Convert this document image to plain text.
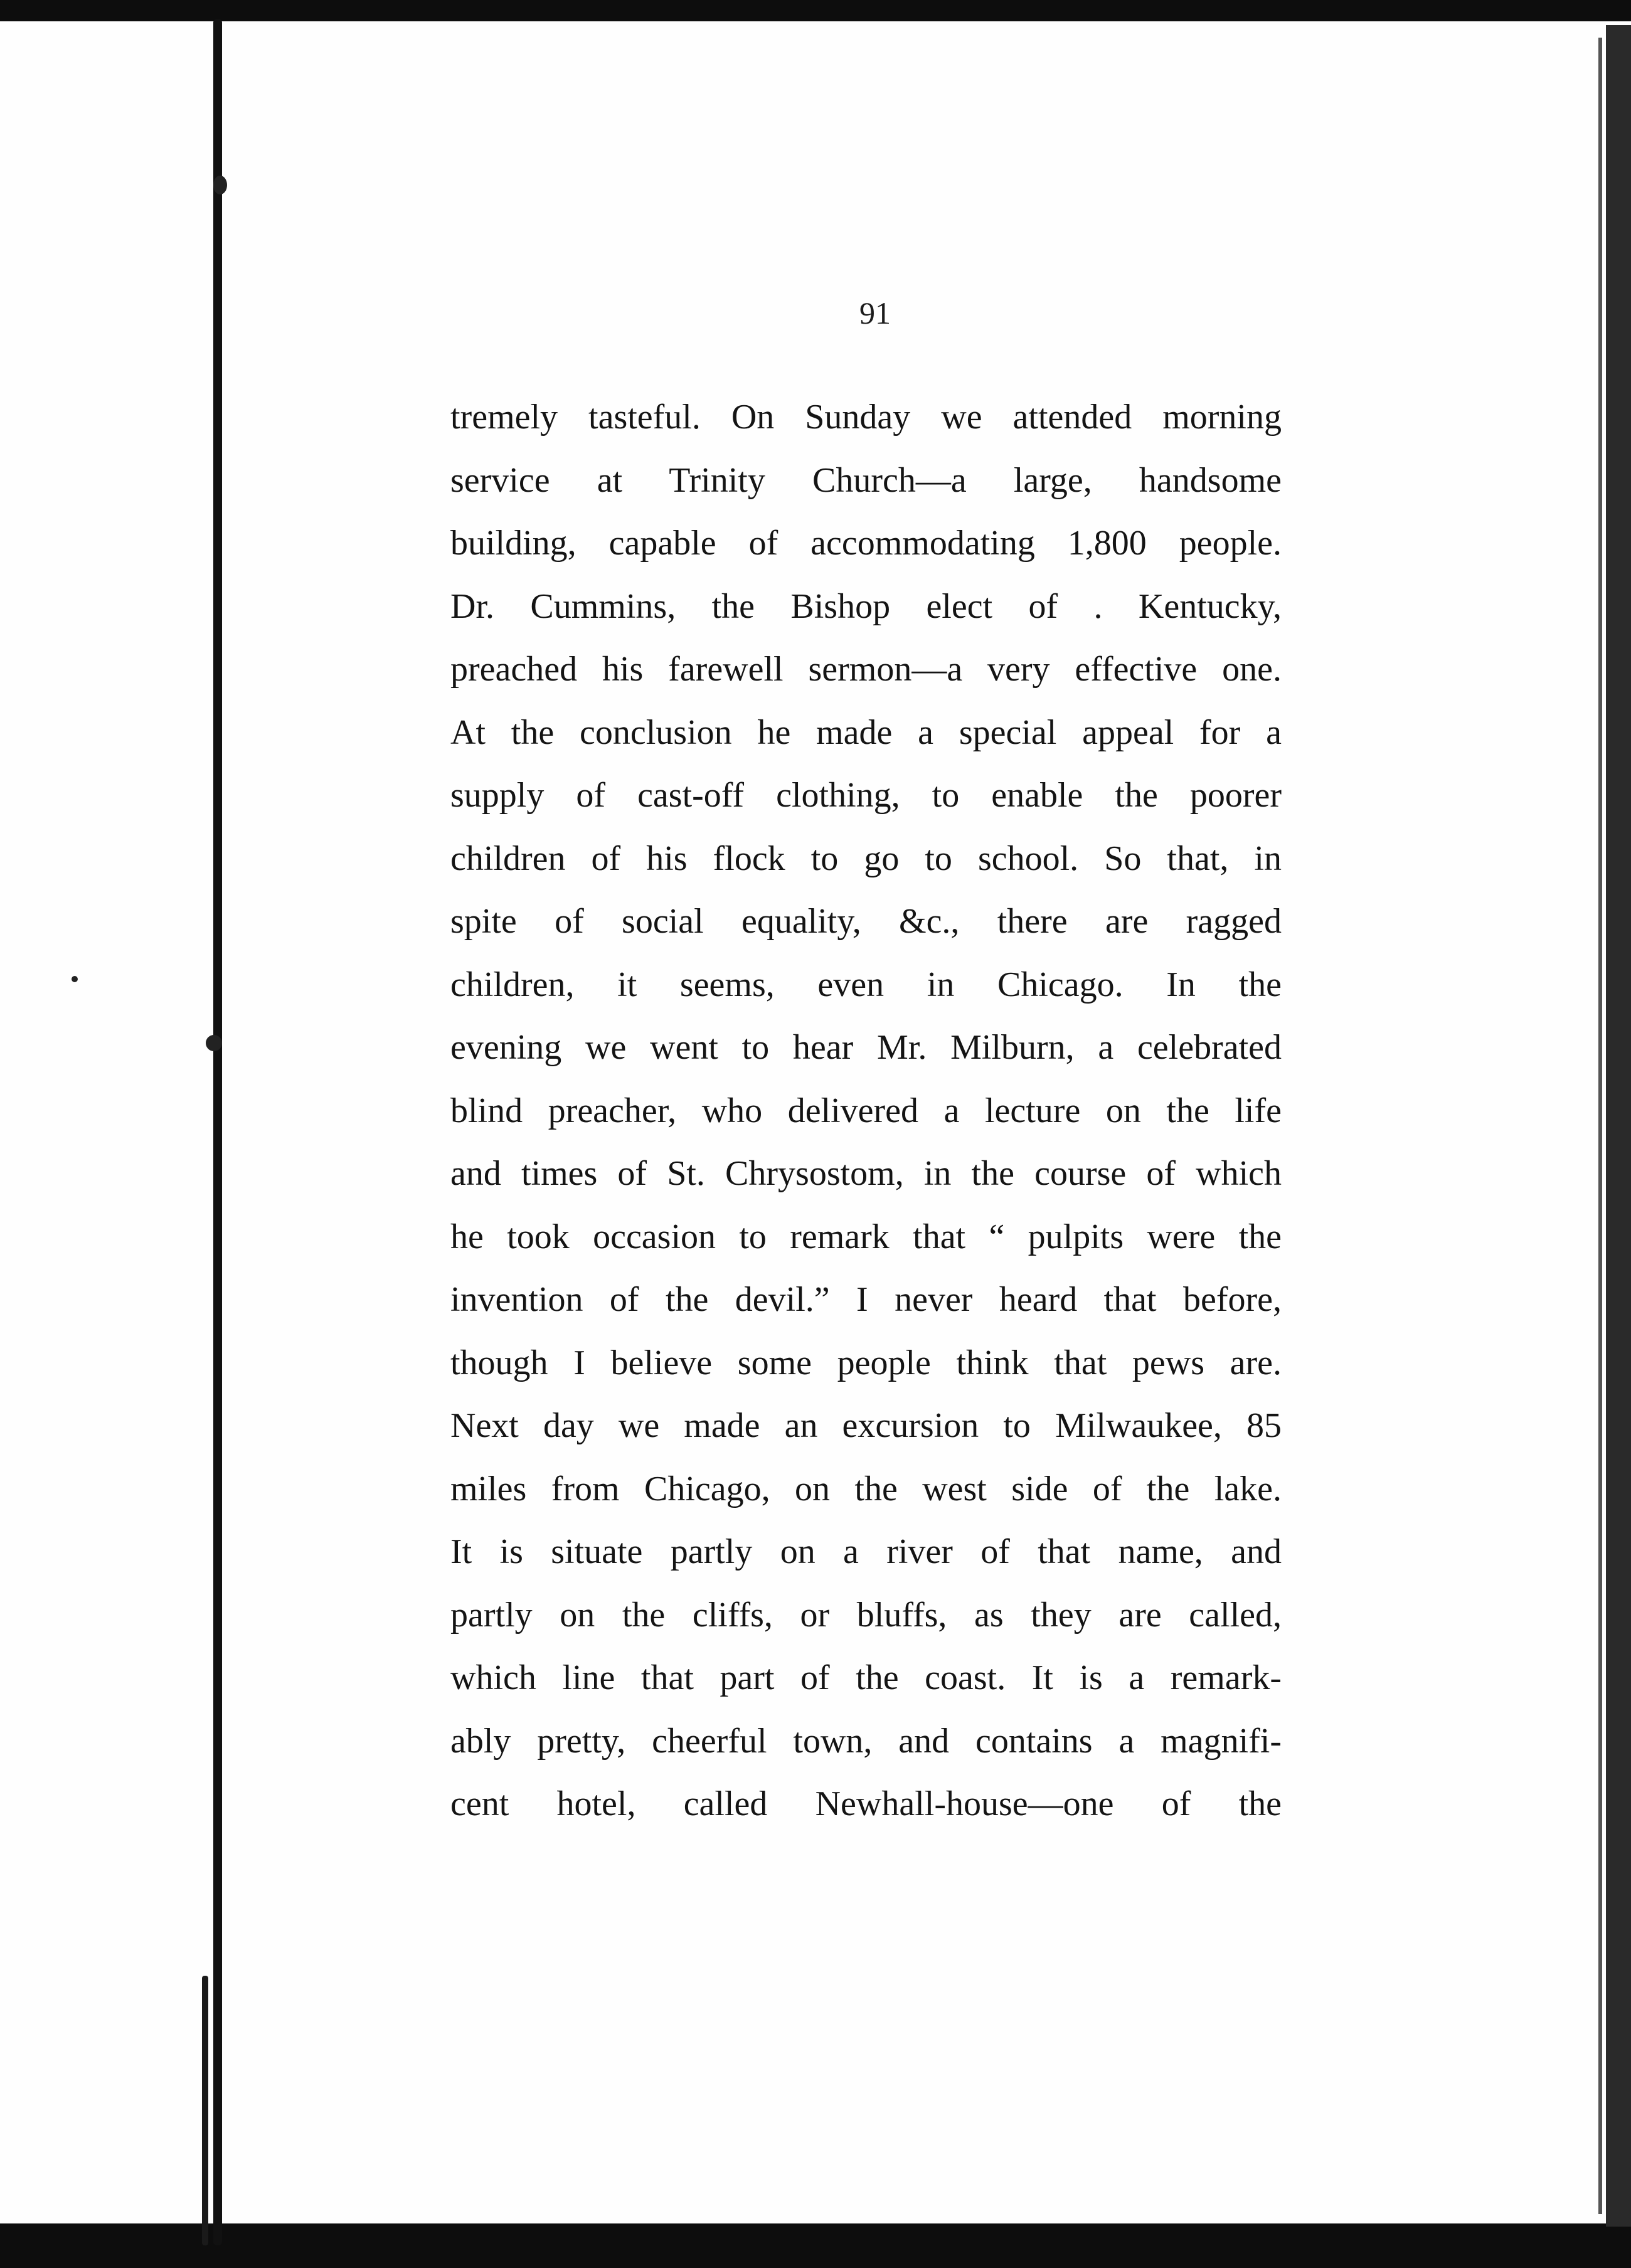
91
tremely tasteful. On Sunday we attended morning
service at Trinity Church—a large, handsome
building, capable of accommodating 1,800 people.
Dr. Cummins, the Bishop elect of . Kentucky,
preached his farewell sermon—a very effective one.
At the conclusion he made a special appeal for a
supply of cast-off clothing, to enable the poorer
children of his flock to go to school. So that, in
spite of social equality, &c., there are ragged
children, it seems, even in Chicago. In the
evening we went to hear Mr. Milburn, a celebrated
blind preacher, who delivered a lecture on the life
and times of St. Chrysostom, in the course of which
he took occasion to remark that “ pulpits were the
invention of the devil.” I never heard that before,
though I believe some people think that pews are.
Next day we made an excursion to Milwaukee, 85
miles from Chicago, on the west side of the lake.
It is situate partly on a river of that name, and
partly on the cliffs, or bluffs, as they are called,
which line that part of the coast. It is a remark-
ably pretty, cheerful town, and contains a magnifi-
cent hotel, called Newhall-house—one of the
